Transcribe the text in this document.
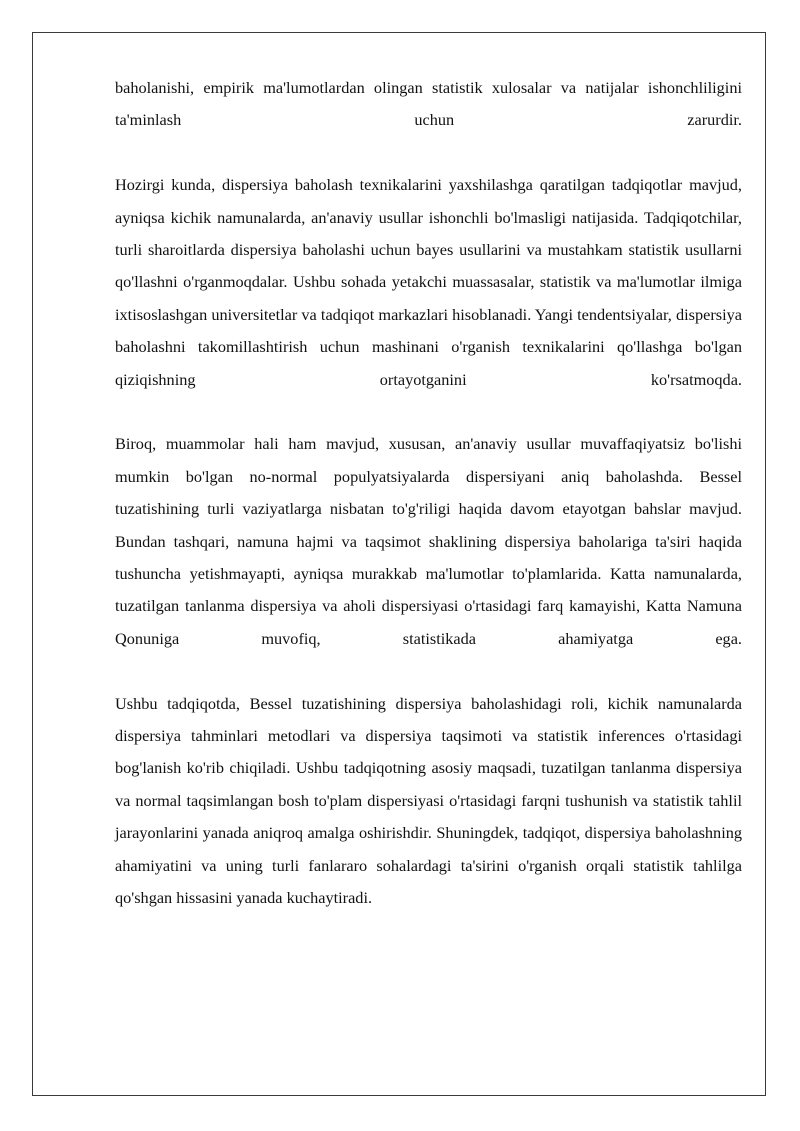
baholanishi, empirik ma'lumotlardan olingan statistik xulosalar va natijalar ishonchliligini ta'minlash uchun zarurdir.

Hozirgi kunda, dispersiya baholash texnikalarini yaxshilashga qaratilgan tadqiqotlar mavjud, ayniqsa kichik namunalarda, an'anaviy usullar ishonchli bo'lmasligi natijasida. Tadqiqotchilar, turli sharoitlarda dispersiya baholashi uchun bayes usullarini va mustahkam statistik usullarni qo'llashni o'rganmoqdalar. Ushbu sohada yetakchi muassasalar, statistik va ma'lumotlar ilmiga ixtisoslashgan universitetlar va tadqiqot markazlari hisoblanadi. Yangi tendentsiyalar, dispersiya baholashni takomillashtirish uchun mashinani o'rganish texnikalarini qo'llashga bo'lgan qiziqishning ortayotganini ko'rsatmoqda.

Biroq, muammolar hali ham mavjud, xususan, an'anaviy usullar muvaffaqiyatsiz bo'lishi mumkin bo'lgan no-normal populyatsiyalarda dispersiyani aniq baholashda. Bessel tuzatishining turli vaziyatlarga nisbatan to'g'riligi haqida davom etayotgan bahslar mavjud. Bundan tashqari, namuna hajmi va taqsimot shaklining dispersiya baholariga ta'siri haqida tushuncha yetishmayapti, ayniqsa murakkab ma'lumotlar to'plamlarida. Katta namunalarda, tuzatilgan tanlanma dispersiya va aholi dispersiyasi o'rtasidagi farq kamayishi, Katta Namuna Qonuniga muvofiq, statistikada ahamiyatga ega.

Ushbu tadqiqotda, Bessel tuzatishining dispersiya baholashidagi roli, kichik namunalarda dispersiya tahminlari metodlari va dispersiya taqsimoti va statistik inferences o'rtasidagi bog'lanish ko'rib chiqiladi. Ushbu tadqiqotning asosiy maqsadi, tuzatilgan tanlanma dispersiya va normal taqsimlangan bosh to'plam dispersiyasi o'rtasidagi farqni tushunish va statistik tahlil jarayonlarini yanada aniqroq amalga oshirishdir. Shuningdek, tadqiqot, dispersiya baholashning ahamiyatini va uning turli fanlararo sohalardagi ta'sirini o'rganish orqali statistik tahlilga qo'shgan hissasini yanada kuchaytiradi.
